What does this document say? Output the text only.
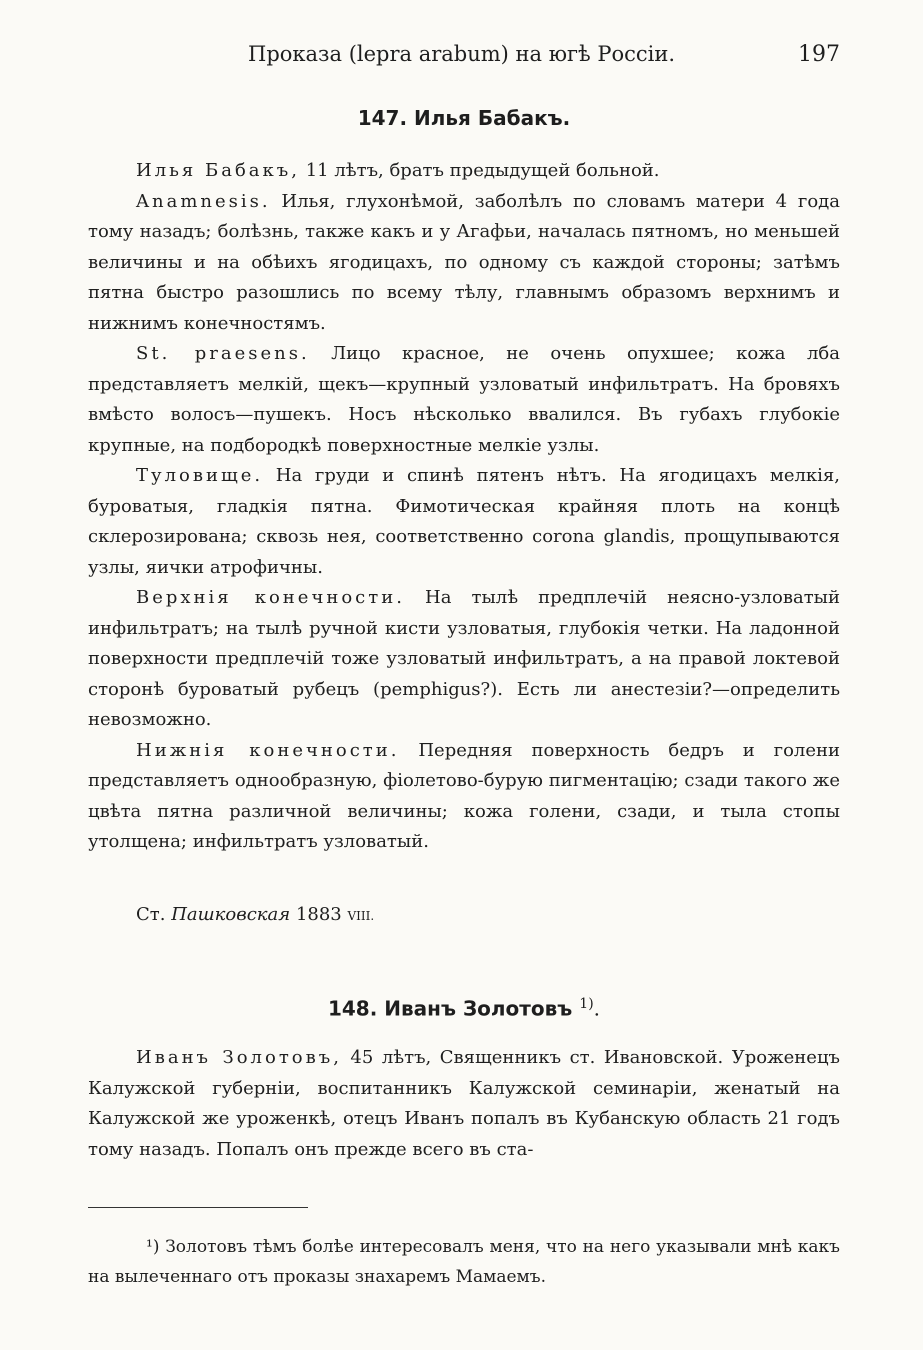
Проказа (lepra arabum) на югѣ Россіи.	197
147. Илья Бабакъ.

Илья Бабакъ, 11 лѣтъ, братъ предыдущей больной.

Anamnesis. Илья, глухонѣмой, заболѣлъ по словамъ матери 4 года тому назадъ; болѣзнь, также какъ и у Агафьи, началась пятномъ, но меньшей величины и на обѣихъ ягодицахъ, по одному съ каждой стороны; затѣмъ пятна быстро разошлись по всему тѣлу, главнымъ образомъ верхнимъ и нижнимъ конечностямъ.

St. praesens. Лицо красное, не очень опухшее; кожа лба представляетъ мелкій, щекъ—крупный узловатый инфильтратъ. На бровяхъ вмѣсто волосъ—пушекъ. Носъ нѣсколько ввалился. Въ губахъ глубокіе крупные, на подбородкѣ поверхностные мелкіе узлы.

Туловище. На груди и спинѣ пятенъ нѣтъ. На ягодицахъ мелкія, буроватыя, гладкія пятна. Фимотическая крайняя плоть на концѣ склерозирована; сквозь нея, соответственно corona glandis, прощупываются узлы, яички атрофичны.

Верхнія конечности. На тылѣ предплечій неясно-узловатый инфильтратъ; на тылѣ ручной кисти узловатыя, глубокія четки. На ладонной поверхности предплечій тоже узловатый инфильтратъ, а на правой локтевой сторонѣ буроватый рубецъ (pemphigus?). Есть ли анестезіи?—определить невозможно.

Нижнія конечности. Передняя поверхность бедръ и голени представляетъ однообразную, фіолетово-бурую пигментацію; сзади такого же цвѣта пятна различной величины; кожа голени, сзади, и тыла стопы утолщена; инфильтратъ узловатый.

Ст. Пашковская 1883 VIII.
148. Иванъ Золотовъ $^{1)}$.

Иванъ Золотовъ, 45 лѣтъ, Священникъ ст. Ивановской. Уроженецъ Калужской губерніи, воспитанникъ Калужской семинаріи, женатый на Калужской же уроженкѣ, отецъ Иванъ попалъ въ Кубанскую область 21 годъ тому назадъ. Попалъ онъ прежде всего въ ста-

¹) Золотовъ тѣмъ болѣе интересовалъ меня, что на него указывали мнѣ какъ на вылеченнаго отъ проказы знахаремъ Мамаемъ.
